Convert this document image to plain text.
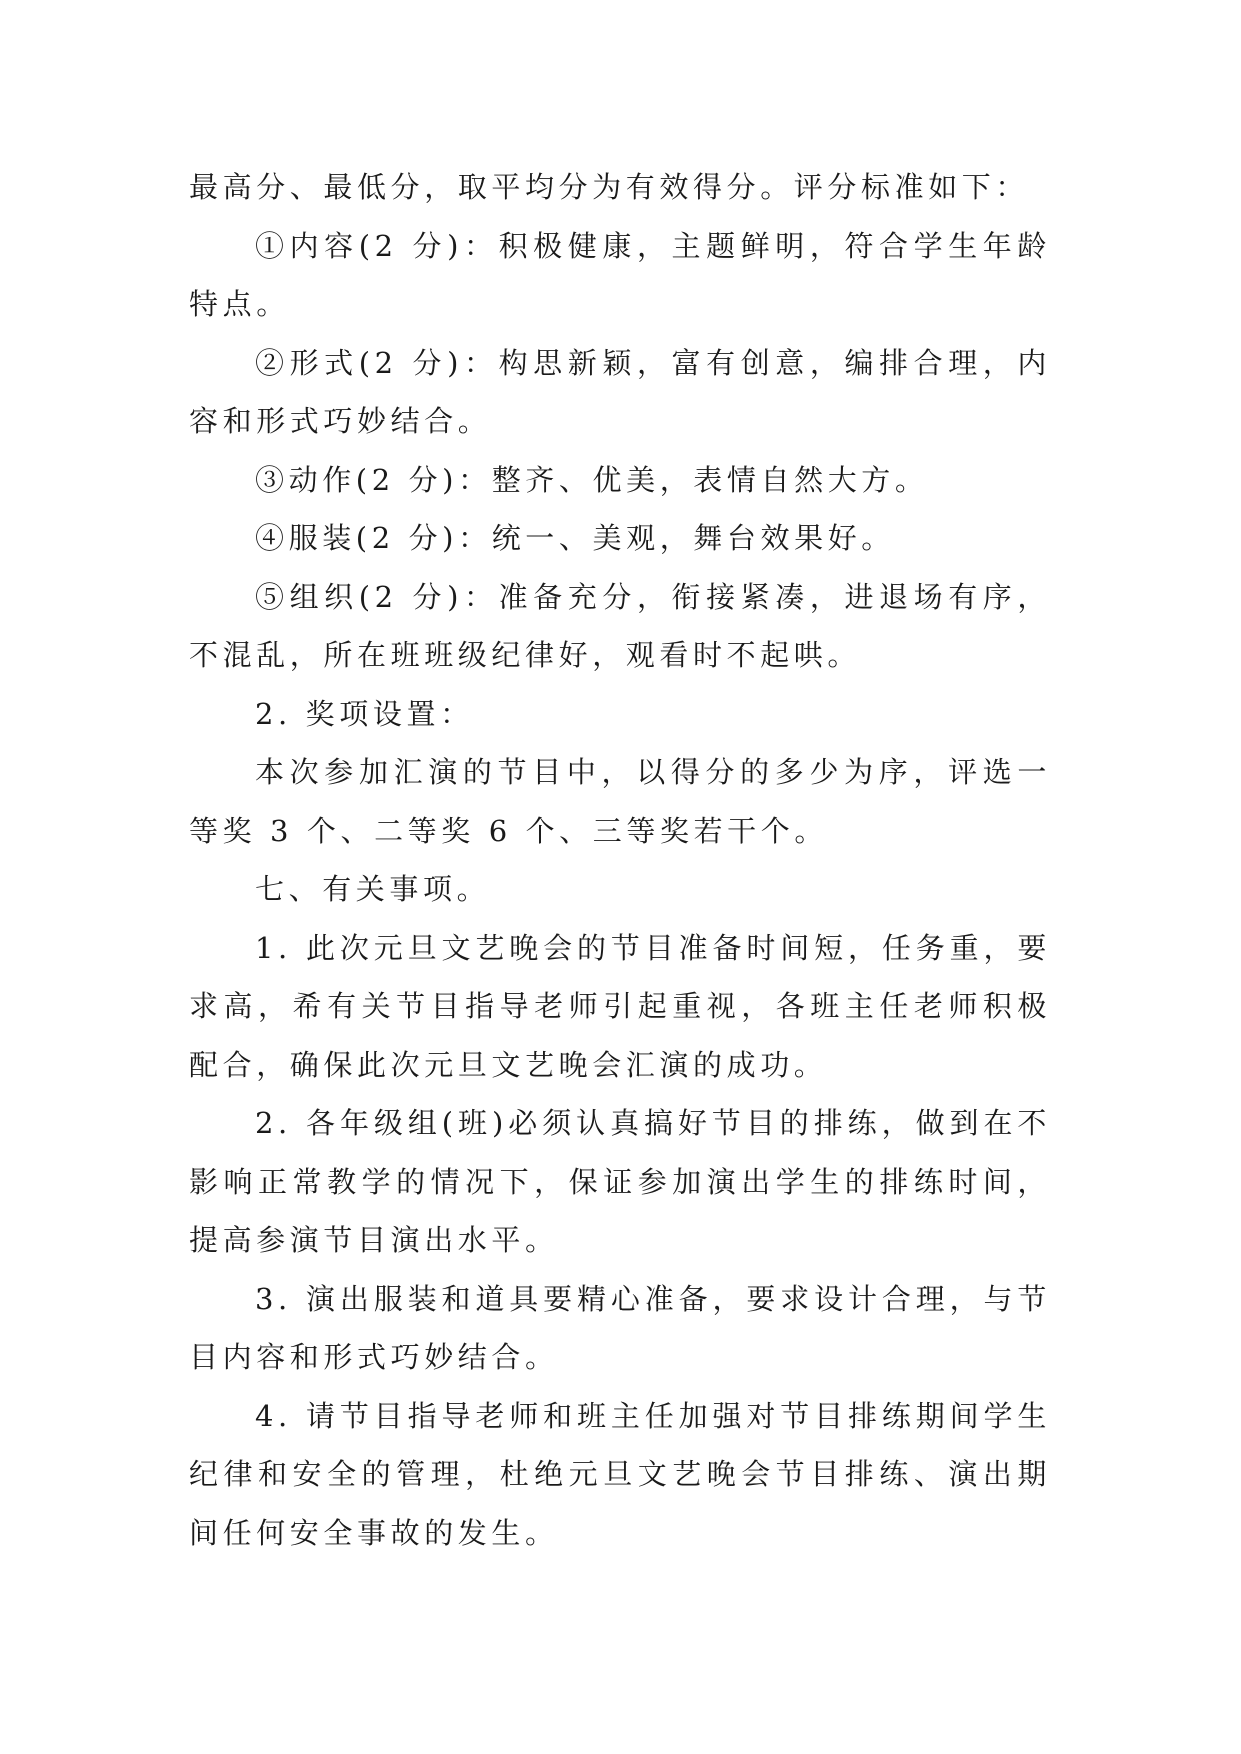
最高分、最低分，取平均分为有效得分。评分标准如下：

①内容(2 分)：积极健康，主题鲜明，符合学生年龄特点。

②形式(2 分)：构思新颖，富有创意，编排合理，内容和形式巧妙结合。

③动作(2 分)：整齐、优美，表情自然大方。

④服装(2 分)：统一、美观，舞台效果好。

⑤组织(2 分)：准备充分，衔接紧凑，进退场有序，不混乱，所在班班级纪律好，观看时不起哄。

2. 奖项设置：

本次参加汇演的节目中，以得分的多少为序，评选一等奖 3 个、二等奖 6 个、三等奖若干个。

七、有关事项。

1. 此次元旦文艺晚会的节目准备时间短，任务重，要求高，希有关节目指导老师引起重视，各班主任老师积极配合，确保此次元旦文艺晚会汇演的成功。

2. 各年级组(班)必须认真搞好节目的排练，做到在不影响正常教学的情况下，保证参加演出学生的排练时间，提高参演节目演出水平。

3. 演出服装和道具要精心准备，要求设计合理，与节目内容和形式巧妙结合。

4. 请节目指导老师和班主任加强对节目排练期间学生纪律和安全的管理，杜绝元旦文艺晚会节目排练、演出期间任何安全事故的发生。
